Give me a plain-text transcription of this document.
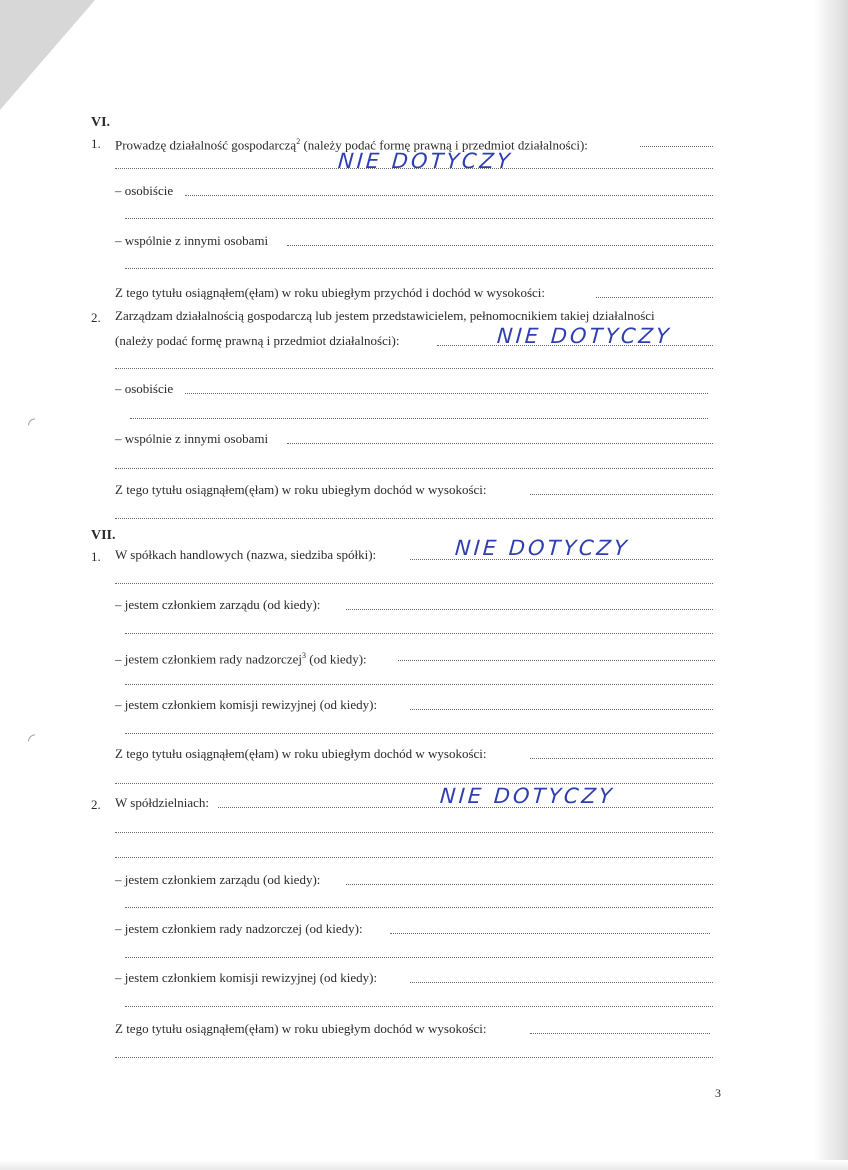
◜
◜
VI.
1. Prowadzę działalność gospodarczą$^2$ (należy podać formę prawną i przedmiot działalności):
NIE DOTYCZY
– osobiście
– wspólnie z innymi osobami
Z tego tytułu osiągnąłem(ęłam) w roku ubiegłym przychód i dochód w wysokości:
2. Zarządzam działalnością gospodarczą lub jestem przedstawicielem, pełnomocnikiem takiej działalności
(należy podać formę prawną i przedmiot działalności):	NIE DOTYCZY
– osobiście
– wspólnie z innymi osobami
Z tego tytułu osiągnąłem(ęłam) w roku ubiegłym dochód w wysokości:
VII.
1. W spółkach handlowych (nazwa, siedziba spółki):	NIE DOTYCZY
– jestem członkiem zarządu (od kiedy):
– jestem członkiem rady nadzorczej$^3$ (od kiedy):
– jestem członkiem komisji rewizyjnej (od kiedy):
Z tego tytułu osiągnąłem(ęłam) w roku ubiegłym dochód w wysokości:
2. W spółdzielniach:	NIE DOTYCZY
– jestem członkiem zarządu (od kiedy):
– jestem członkiem rady nadzorczej (od kiedy):
– jestem członkiem komisji rewizyjnej (od kiedy):
Z tego tytułu osiągnąłem(ęłam) w roku ubiegłym dochód w wysokości:
3
